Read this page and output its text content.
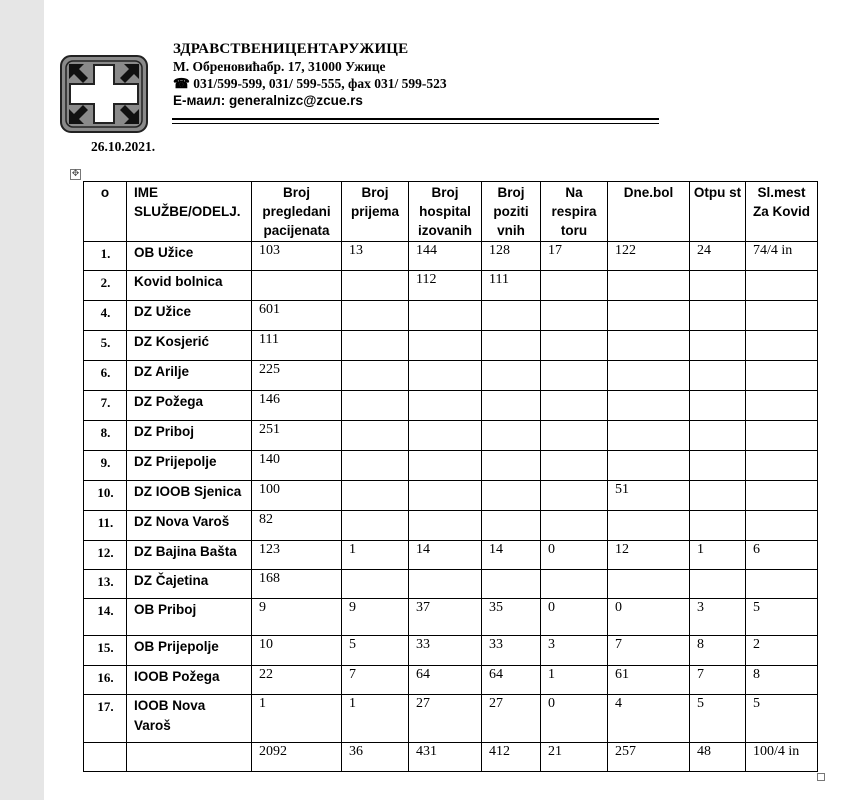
ЗДРАВСТВЕНИЦЕНТАРУЖИЦЕ
М. Обреновићабр. 17, 31000 Ужице
☎ 031/599-599, 031/ 599-555, фах 031/ 599-523
Е-маил: generalnizc@zcue.rs
26.10.2021.
✥
o	IME SLUŽBE/ODELJ.	Broj pregledani pacijenata	Broj prijema	Broj hospital izovanih	Broj poziti vnih	Na respira toru	Dne.bol	Otpu st	Sl.mest Za Kovid
1.	OB Užice	103	13	144	128	17	122	24	74/4 in
2.	Kovid bolnica			112	111				
4.	DZ Užice	601							
5.	DZ Kosjerić	111							
6.	DZ Arilje	225							
7.	DZ Požega	146							
8.	DZ Priboj	251							
9.	DZ Prijepolje	140							
10.	DZ IOOB Sjenica	100					51		
11.	DZ Nova Varoš	82							
12.	DZ Bajina Bašta	123	1	14	14	0	12	1	6
13.	DZ Čajetina	168							
14.	OB Priboj	9	9	37	35	0	0	3	5
15.	OB Prijepolje	10	5	33	33	3	7	8	2
16.	IOOB Požega	22	7	64	64	1	61	7	8
17.	IOOB Nova Varoš	1	1	27	27	0	4	5	5
		2092	36	431	412	21	257	48	100/4 in
